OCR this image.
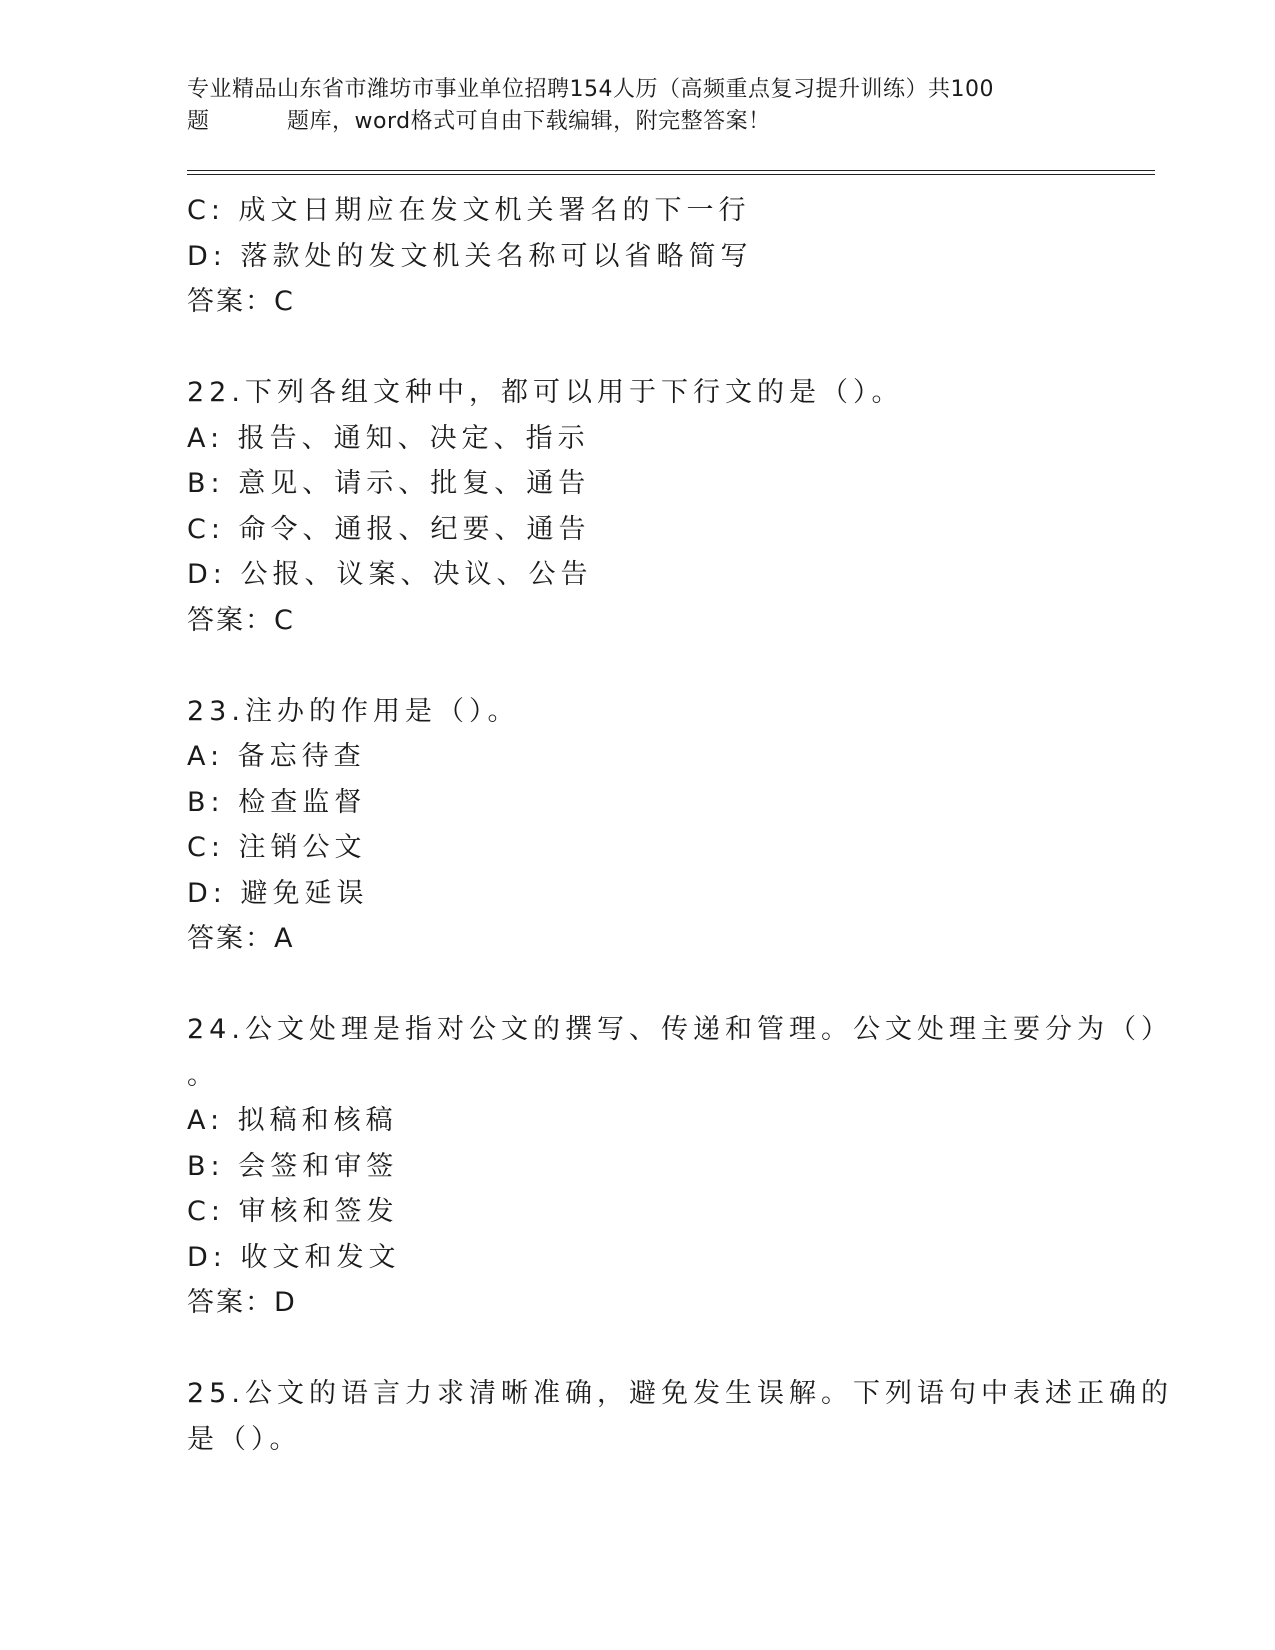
专业精品山东省市潍坊市事业单位招聘154人历（高频重点复习提升训练）共100
题	题库，word格式可自由下载编辑，附完整答案！
C: 成文日期应在发文机关署名的下一行
D: 落款处的发文机关名称可以省略简写
答案：C
22.下列各组文种中，都可以用于下行文的是（）。
A: 报告、通知、决定、指示
B: 意见、请示、批复、通告
C: 命令、通报、纪要、通告
D: 公报、议案、决议、公告
答案：C
23.注办的作用是（）。
A: 备忘待查
B: 检查监督
C: 注销公文
D: 避免延误
答案：A
24.公文处理是指对公文的撰写、传递和管理。公文处理主要分为（）
。
A: 拟稿和核稿
B: 会签和审签
C: 审核和签发
D: 收文和发文
答案：D
25.公文的语言力求清晰准确，避免发生误解。下列语句中表述正确的
是（）。
